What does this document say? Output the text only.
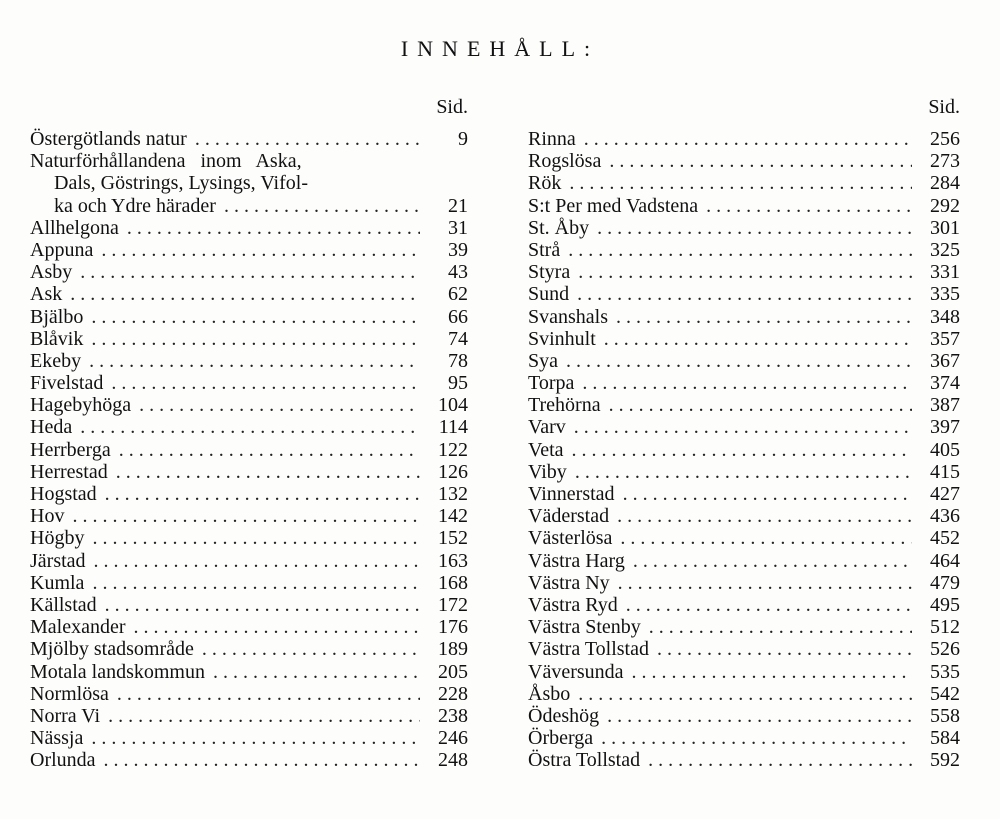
INNEHÅLL:
Sid.
Östergötlands natur . . .	9
Naturförhållandena   inom   Aska,
Dals, Göstrings, Lysings, Vifol-
ka och Ydre härader . . .	21
Allhelgona . . .	31
Appuna . . .	39
Asby . . .	43
Ask . . .	62
Bjälbo . . .	66
Blåvik . . .	74
Ekeby . . .	78
Fivelstad . . .	95
Hagebyhöga . . .	104
Heda . . .	114
Herrberga . . .	122
Herrestad . . .	126
Hogstad . . .	132
Hov . . .	142
Högby . . .	152
Järstad . . .	163
Kumla . . .	168
Källstad . . .	172
Malexander . . .	176
Mjölby stadsområde . . .	189
Motala landskommun . . .	205
Normlösa . . .	228
Norra Vi . . .	238
Nässja . . .	246
Orlunda . . .	248
Sid.
Rinna . . .	256
Rogslösa . . .	273
Rök . . .	284
S:t Per med Vadstena . . .	292
St. Åby . . .	301
Strå . . .	325
Styra . . .	331
Sund . . .	335
Svanshals . . .	348
Svinhult . . .	357
Sya . . .	367
Torpa . . .	374
Trehörna . . .	387
Varv . . .	397
Veta . . .	405
Viby . . .	415
Vinnerstad . . .	427
Väderstad . . .	436
Västerlösa . . .	452
Västra Harg . . .	464
Västra Ny . . .	479
Västra Ryd . . .	495
Västra Stenby . . .	512
Västra Tollstad . . .	526
Väversunda . . .	535
Åsbo . . .	542
Ödeshög . . .	558
Örberga . . .	584
Östra Tollstad . . .	592
